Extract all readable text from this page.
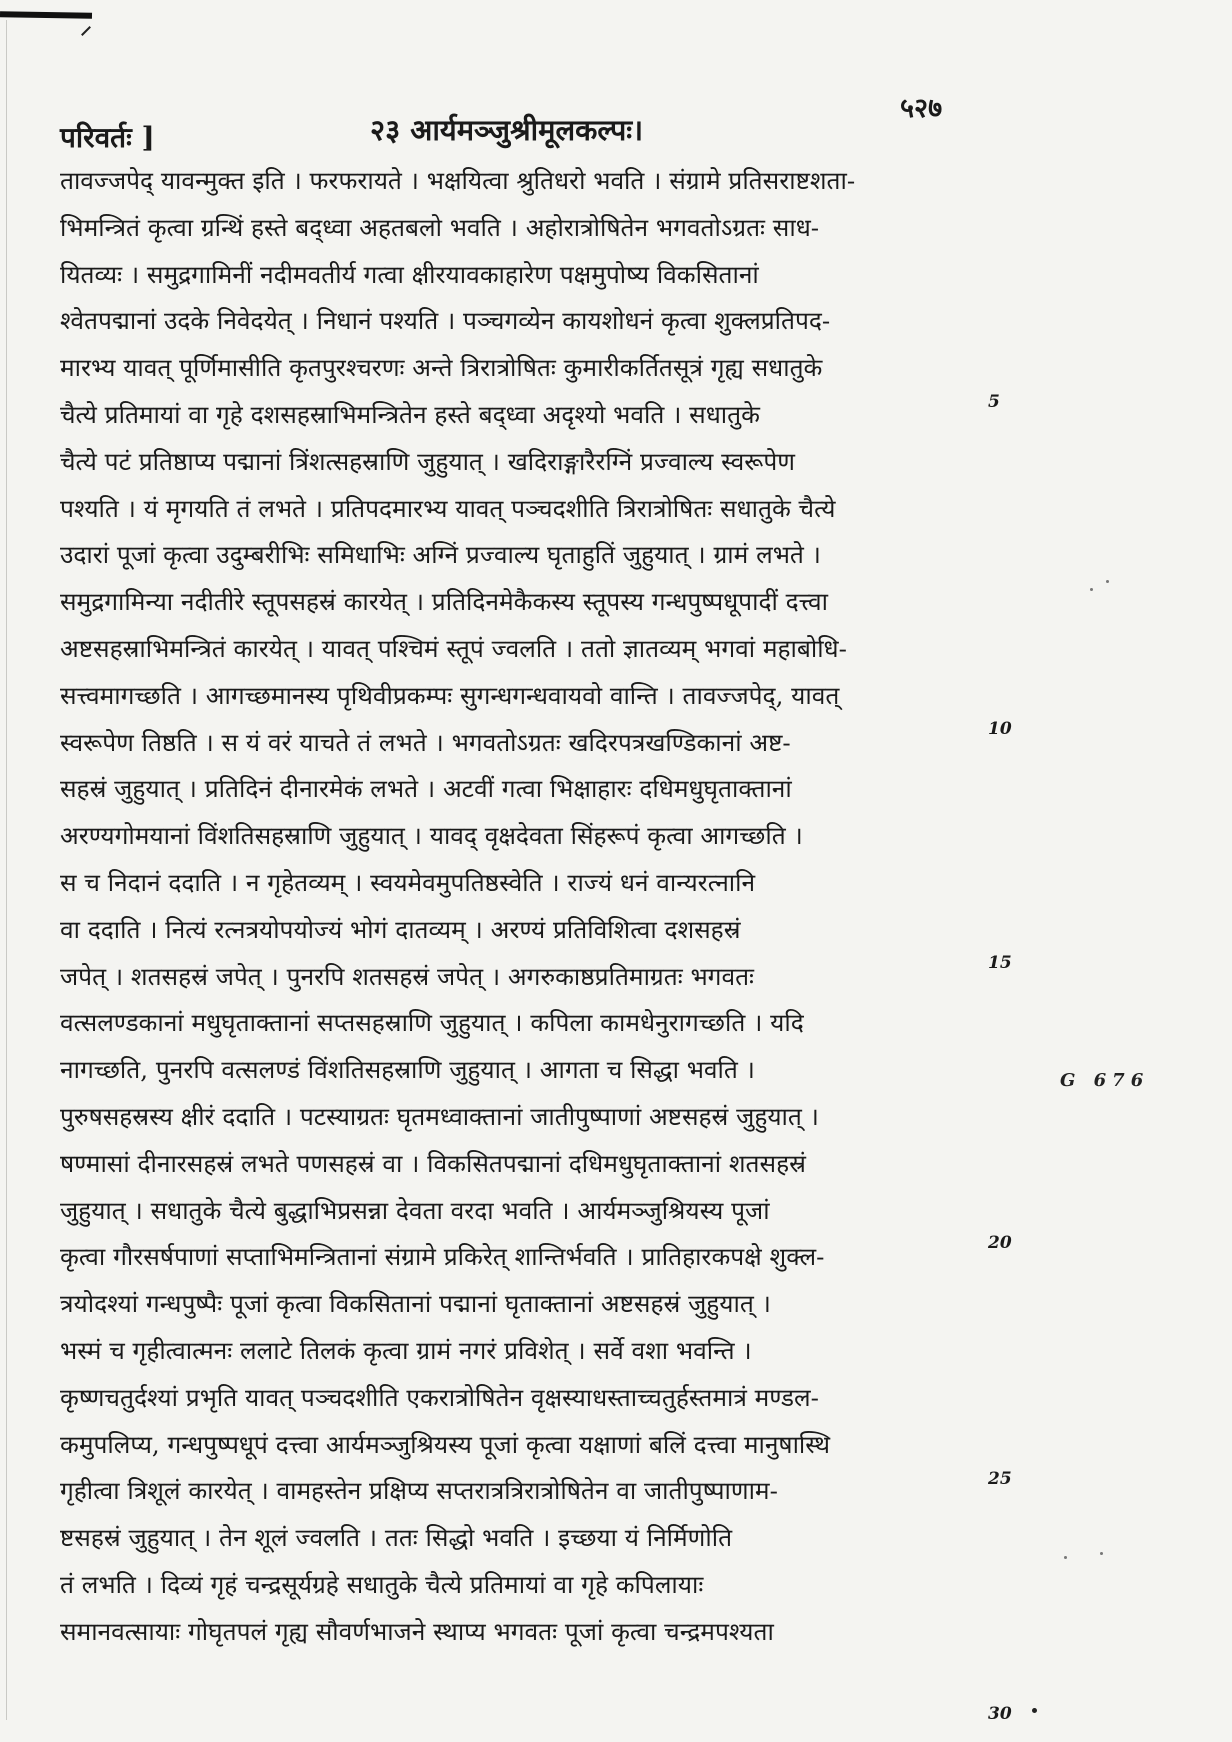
परिवर्तः ]	२३ आर्यमञ्जुश्रीमूलकल्पः।
५२७
तावज्जपेद् यावन्मुक्त इति । फरफरायते । भक्षयित्वा श्रुतिधरो भवति । संग्रामे प्रतिसराष्टशता-
भिमन्त्रितं कृत्वा ग्रन्थिं हस्ते बद्ध्वा अहतबलो भवति । अहोरात्रोषितेन भगवतोऽग्रतः साध-
यितव्यः । समुद्रगामिनीं नदीमवतीर्य गत्वा क्षीरयावकाहारेण पक्षमुपोष्य विकसितानां
श्वेतपद्मानां उदके निवेदयेत् । निधानं पश्यति । पञ्चगव्येन कायशोधनं कृत्वा शुक्लप्रतिपद-
मारभ्य यावत् पूर्णिमासीति कृतपुरश्चरणः अन्ते त्रिरात्रोषितः कुमारीकर्तितसूत्रं गृह्य सधातुके
चैत्ये प्रतिमायां वा गृहे दशसहस्राभिमन्त्रितेन हस्ते बद्ध्वा अदृश्यो भवति । सधातुके
चैत्ये पटं प्रतिष्ठाप्य पद्मानां त्रिंशत्सहस्राणि जुहुयात् । खदिराङ्गारैरग्निं प्रज्वाल्य स्वरूपेण
पश्यति । यं मृगयति तं लभते । प्रतिपदमारभ्य यावत् पञ्चदशीति त्रिरात्रोषितः सधातुके चैत्ये
उदारां पूजां कृत्वा उदुम्बरीभिः समिधाभिः अग्निं प्रज्वाल्य घृताहुतिं जुहुयात् । ग्रामं लभते ।
समुद्रगामिन्या नदीतीरे स्तूपसहस्रं कारयेत् । प्रतिदिनमेकैकस्य स्तूपस्य गन्धपुष्पधूपादीं दत्त्वा
अष्टसहस्राभिमन्त्रितं कारयेत् । यावत् पश्चिमं स्तूपं ज्वलति । ततो ज्ञातव्यम् भगवां महाबोधि-
सत्त्वमागच्छति । आगच्छमानस्य पृथिवीप्रकम्पः सुगन्धगन्धवायवो वान्ति । तावज्जपेद्, यावत्
स्वरूपेण तिष्ठति । स यं वरं याचते तं लभते । भगवतोऽग्रतः खदिरपत्रखण्डिकानां अष्ट-
सहस्रं जुहुयात् । प्रतिदिनं दीनारमेकं लभते । अटवीं गत्वा भिक्षाहारः दधिमधुघृताक्तानां
अरण्यगोमयानां विंशतिसहस्राणि जुहुयात् । यावद् वृक्षदेवता सिंहरूपं कृत्वा आगच्छति ।
स च निदानं ददाति । न गृहेतव्यम् । स्वयमेवमुपतिष्ठस्वेति । राज्यं धनं वान्यरत्नानि
वा ददाति । नित्यं रत्नत्रयोपयोज्यं भोगं दातव्यम् । अरण्यं प्रतिविशित्वा दशसहस्रं
जपेत् । शतसहस्रं जपेत् । पुनरपि शतसहस्रं जपेत् । अगरुकाष्ठप्रतिमाग्रतः भगवतः
वत्सलण्डकानां मधुघृताक्तानां सप्तसहस्राणि जुहुयात् । कपिला कामधेनुरागच्छति । यदि
नागच्छति, पुनरपि वत्सलण्डं विंशतिसहस्राणि जुहुयात् । आगता च सिद्धा भवति ।
पुरुषसहस्रस्य क्षीरं ददाति । पटस्याग्रतः घृतमध्वाक्तानां जातीपुष्पाणां अष्टसहस्रं जुहुयात् ।
षण्मासां दीनारसहस्रं लभते पणसहस्रं वा । विकसितपद्मानां दधिमधुघृताक्तानां शतसहस्रं
जुहुयात् । सधातुके चैत्ये बुद्धाभिप्रसन्ना देवता वरदा भवति । आर्यमञ्जुश्रियस्य पूजां
कृत्वा गौरसर्षपाणां सप्ताभिमन्त्रितानां संग्रामे प्रकिरेत् शान्तिर्भवति । प्रातिहारकपक्षे शुक्ल-
त्रयोदश्यां गन्धपुष्पैः पूजां कृत्वा विकसितानां पद्मानां घृताक्तानां अष्टसहस्रं जुहुयात् ।
भस्मं च गृहीत्वात्मनः ललाटे तिलकं कृत्वा ग्रामं नगरं प्रविशेत् । सर्वे वशा भवन्ति ।
कृष्णचतुर्दश्यां प्रभृति यावत् पञ्चदशीति एकरात्रोषितेन वृक्षस्याधस्ताच्चतुर्हस्तमात्रं मण्डल-
कमुपलिप्य, गन्धपुष्पधूपं दत्त्वा आर्यमञ्जुश्रियस्य पूजां कृत्वा यक्षाणां बलिं दत्त्वा मानुषास्थि
गृहीत्वा त्रिशूलं कारयेत् । वामहस्तेन प्रक्षिप्य सप्तरात्रत्रिरात्रोषितेन वा जातीपुष्पाणाम-
ष्टसहस्रं जुहुयात् । तेन शूलं ज्वलति । ततः सिद्धो भवति । इच्छया यं निर्मिणोति
तं लभति । दिव्यं गृहं चन्द्रसूर्यग्रहे सधातुके चैत्ये प्रतिमायां वा गृहे कपिलायाः
समानवत्सायाः गोघृतपलं गृह्य सौवर्णभाजने स्थाप्य भगवतः पूजां कृत्वा चन्द्रमपश्यता
5
10
15
20
25
30
G 676
